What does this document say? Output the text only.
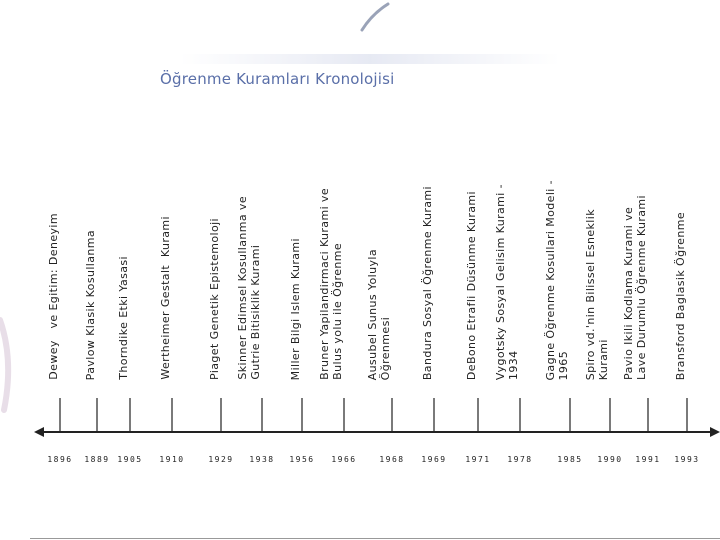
Öğrenme Kuramları Kronolojisi
Dewey   ve Egitim: Deneyim Pavlow Klasik Kosullanma Thorndike Etki Yasasi	Wertheimer Gestalt  Kurami	Piaget Genetik Epistemoloji Skinner Edimsel Kosullanma ve
Gutrie Bitisiklik Kurami Miller Bilgi Islem Kurami Bruner Yapilandirmaci Kurami ve
Bulus yolu ile Öğrenme
Ausubel Sunus Yoluyla
Öğrenmesi	Bandura Sosyal Öğrenme Kurami	DeBono Etrafli Düsünme Kurami Vygotsky Sosyal Gelisim Kurami -
1934 Gagne Öğrenme Kosullari Modeli -
1965 Spiro vd.'nin Bilissel Esneklik
Kurami Pavio Ikili Kodlama Kurami ve
Lave Durumlu Öğrenme Kurami Bransford Baglasik Öğrenme
1896	1889 1905	1910	1929	1938	1956	1966	1968	1969	1971	1978	1985	1990	1991	1993
